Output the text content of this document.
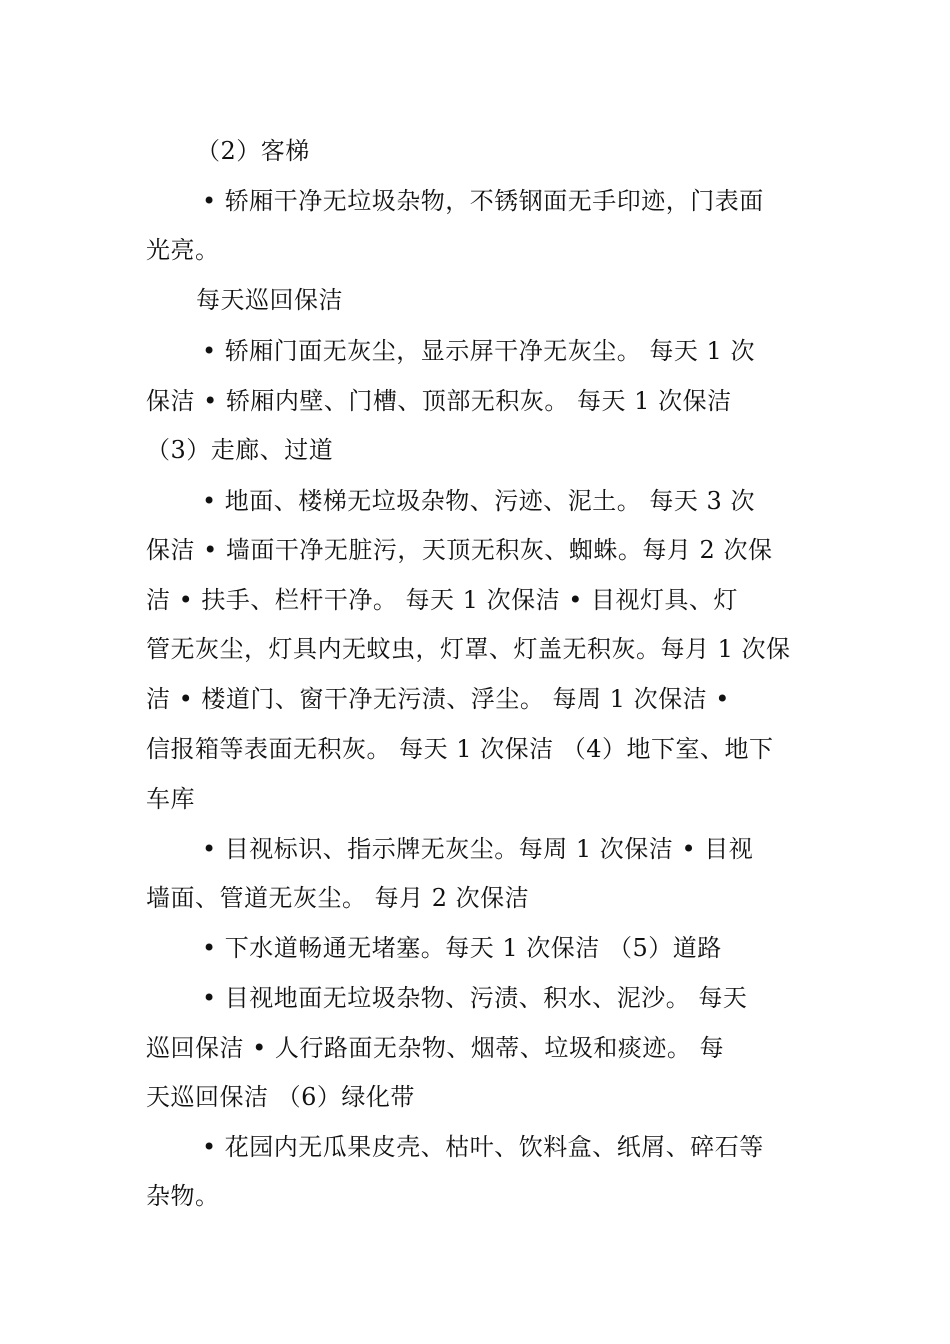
（2）客梯
• 轿厢干净无垃圾杂物，不锈钢面无手印迹，门表面
光亮。
每天巡回保洁
• 轿厢门面无灰尘，显示屏干净无灰尘。 每天 1 次
保洁 • 轿厢内壁、门槽、顶部无积灰。 每天 1 次保洁
（3）走廊、过道
• 地面、楼梯无垃圾杂物、污迹、泥土。 每天 3 次
保洁 • 墙面干净无脏污，天顶无积灰、蜘蛛。每月 2 次保
洁 • 扶手、栏杆干净。 每天 1 次保洁 • 目视灯具、灯
管无灰尘，灯具内无蚊虫，灯罩、灯盖无积灰。每月 1 次保
洁 • 楼道门、窗干净无污渍、浮尘。 每周 1 次保洁 •
信报箱等表面无积灰。 每天 1 次保洁 （4）地下室、地下
车库
• 目视标识、指示牌无灰尘。每周 1 次保洁 • 目视
墙面、管道无灰尘。 每月 2 次保洁
• 下水道畅通无堵塞。每天 1 次保洁 （5）道路
• 目视地面无垃圾杂物、污渍、积水、泥沙。 每天
巡回保洁 • 人行路面无杂物、烟蒂、垃圾和痰迹。 每
天巡回保洁 （6）绿化带
• 花园内无瓜果皮壳、枯叶、饮料盒、纸屑、碎石等
杂物。
